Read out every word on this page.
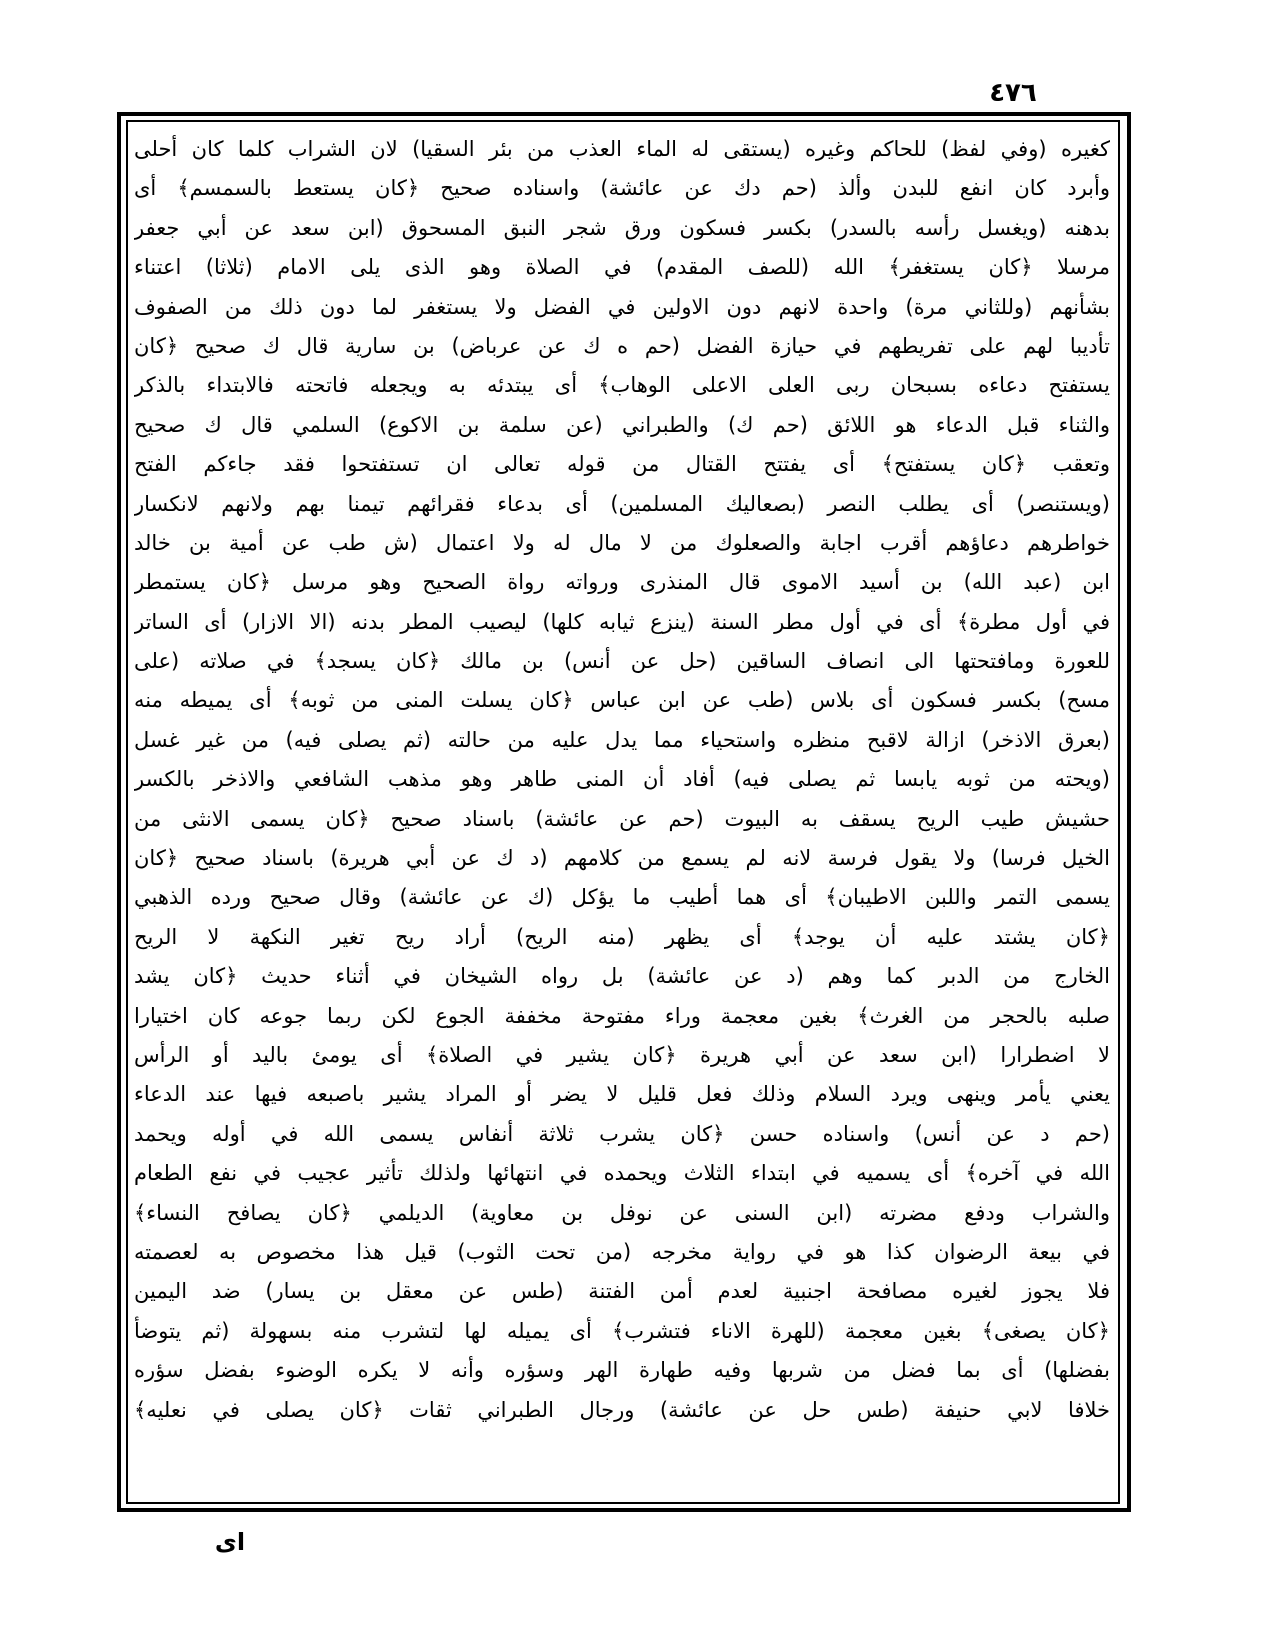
٤٧٦
كغيره (وفي لفظ) للحاكم وغيره (يستقى له الماء العذب من بئر السقيا) لان الشراب كلما كان أحلى
وأبرد كان انفع للبدن وألذ (حم دك عن عائشة) واسناده صحيح ﴿كان يستعط بالسمسم﴾ أى
بدهنه (ويغسل رأسه بالسدر) بكسر فسكون ورق شجر النبق المسحوق (ابن سعد عن أبي جعفر
مرسلا ﴿كان يستغفر﴾ الله (للصف المقدم) في الصلاة وهو الذى يلى الامام (ثلاثا) اعتناء
بشأنهم (وللثاني مرة) واحدة لانهم دون الاولين في الفضل ولا يستغفر لما دون ذلك من الصفوف
تأديبا لهم على تفريطهم في حيازة الفضل (حم ه ك عن عرباض) بن سارية قال ك صحيح ﴿كان
يستفتح دعاءه بسبحان ربى العلى الاعلى الوهاب﴾ أى يبتدئه به ويجعله فاتحته فالابتداء بالذكر
والثناء قبل الدعاء هو اللائق (حم ك) والطبراني (عن سلمة بن الاكوع) السلمي قال ك صحيح
وتعقب ﴿كان يستفتح﴾ أى يفتتح القتال من قوله تعالى ان تستفتحوا فقد جاءكم الفتح
(ويستنصر) أى يطلب النصر (بصعاليك المسلمين) أى بدعاء فقرائهم تيمنا بهم ولانهم لانكسار
خواطرهم دعاؤهم أقرب اجابة والصعلوك من لا مال له ولا اعتمال (ش طب عن أمية بن خالد
ابن (عبد الله) بن أسيد الاموى قال المنذرى ورواته رواة الصحيح وهو مرسل ﴿كان يستمطر
في أول مطرة﴾ أى في أول مطر السنة (ينزع ثيابه كلها) ليصيب المطر بدنه (الا الازار) أى الساتر
للعورة ومافتحتها الى انصاف الساقين (حل عن أنس) بن مالك ﴿كان يسجد﴾ في صلاته (على
مسح) بكسر فسكون أى بلاس (طب عن ابن عباس ﴿كان يسلت المنى من ثوبه﴾ أى يميطه منه
(بعرق الاذخر) ازالة لاقبح منظره واستحياء مما يدل عليه من حالته (ثم يصلى فيه) من غير غسل
(ويحته من ثوبه يابسا ثم يصلى فيه) أفاد أن المنى طاهر وهو مذهب الشافعي والاذخر بالكسر
حشيش طيب الريح يسقف به البيوت (حم عن عائشة) باسناد صحيح ﴿كان يسمى الانثى من
الخيل فرسا) ولا يقول فرسة لانه لم يسمع من كلامهم (د ك عن أبي هريرة) باسناد صحيح ﴿كان
يسمى التمر واللبن الاطيبان﴾ أى هما أطيب ما يؤكل (ك عن عائشة) وقال صحيح ورده الذهبي
﴿كان يشتد عليه أن يوجد﴾ أى يظهر (منه الريح) أراد ريح تغير النكهة لا الريح
الخارج من الدبر كما وهم (د عن عائشة) بل رواه الشيخان في أثناء حديث ﴿كان يشد
صلبه بالحجر من الغرث﴾ بغين معجمة وراء مفتوحة مخففة الجوع لكن ربما جوعه كان اختيارا
لا اضطرارا (ابن سعد عن أبي هريرة ﴿كان يشير في الصلاة﴾ أى يومئ باليد أو الرأس
يعني يأمر وينهى ويرد السلام وذلك فعل قليل لا يضر أو المراد يشير باصبعه فيها عند الدعاء
(حم د عن أنس) واسناده حسن ﴿كان يشرب ثلاثة أنفاس يسمى الله في أوله ويحمد
الله في آخره﴾ أى يسميه في ابتداء الثلاث ويحمده في انتهائها ولذلك تأثير عجيب في نفع الطعام
والشراب ودفع مضرته (ابن السنى عن نوفل بن معاوية) الديلمي ﴿كان يصافح النساء﴾
في بيعة الرضوان كذا هو في رواية مخرجه (من تحت الثوب) قيل هذا مخصوص به لعصمته
فلا يجوز لغيره مصافحة اجنبية لعدم أمن الفتنة (طس عن معقل بن يسار) ضد اليمين
﴿كان يصغى﴾ بغين معجمة (للهرة الاناء فتشرب﴾ أى يميله لها لتشرب منه بسهولة (ثم يتوضأ
بفضلها) أى بما فضل من شربها وفيه طهارة الهر وسؤره وأنه لا يكره الوضوء بفضل سؤره
خلافا لابي حنيفة (طس حل عن عائشة) ورجال الطبراني ثقات ﴿كان يصلى في نعليه﴾
اى
